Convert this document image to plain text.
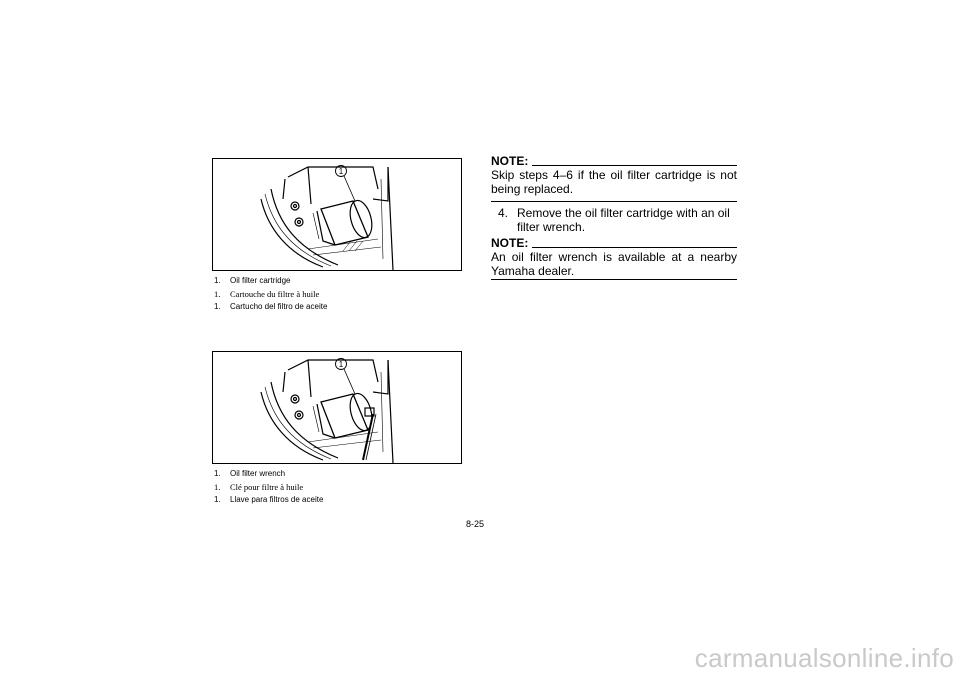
1
1. Oil filter cartridge
1. Cartouche du filtre à huile
1. Cartucho del filtro de aceite
1
1. Oil filter wrench
1. Clé pour filtre à huile
1. Llave para filtros de aceite
NOTE:
Skip steps 4–6 if the oil filter cartridge is not being replaced.
4. Remove the oil filter cartridge with an oil filter wrench.
NOTE:
An oil filter wrench is available at a nearby Yamaha dealer.
8-25
carmanualsonline.info
